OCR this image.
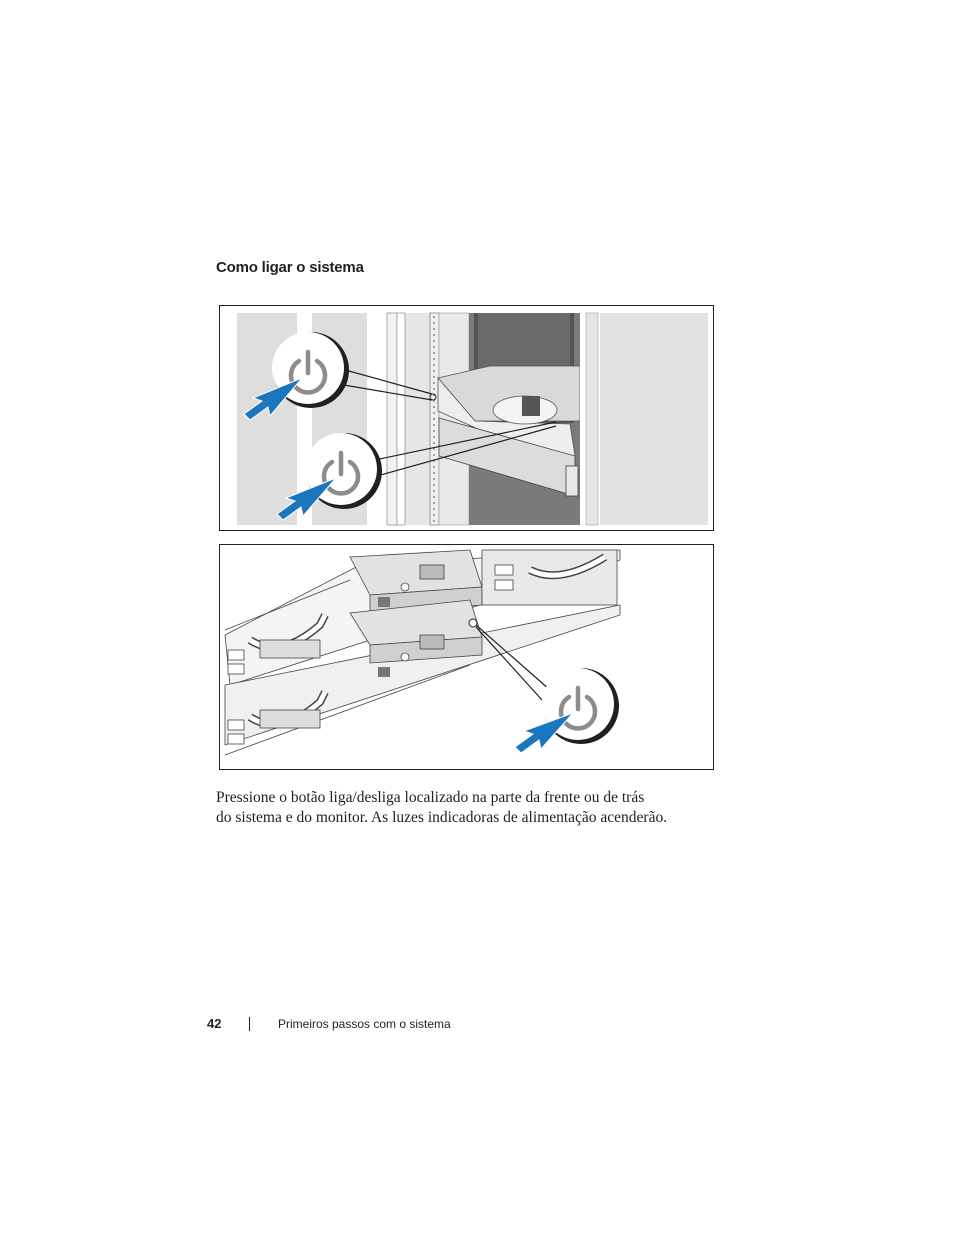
Como ligar o sistema

Pressione o botão liga/desliga localizado na parte da frente ou de trás
do sistema e do monitor. As luzes indicadoras de alimentação acenderão.

42	Primeiros passos com o sistema
